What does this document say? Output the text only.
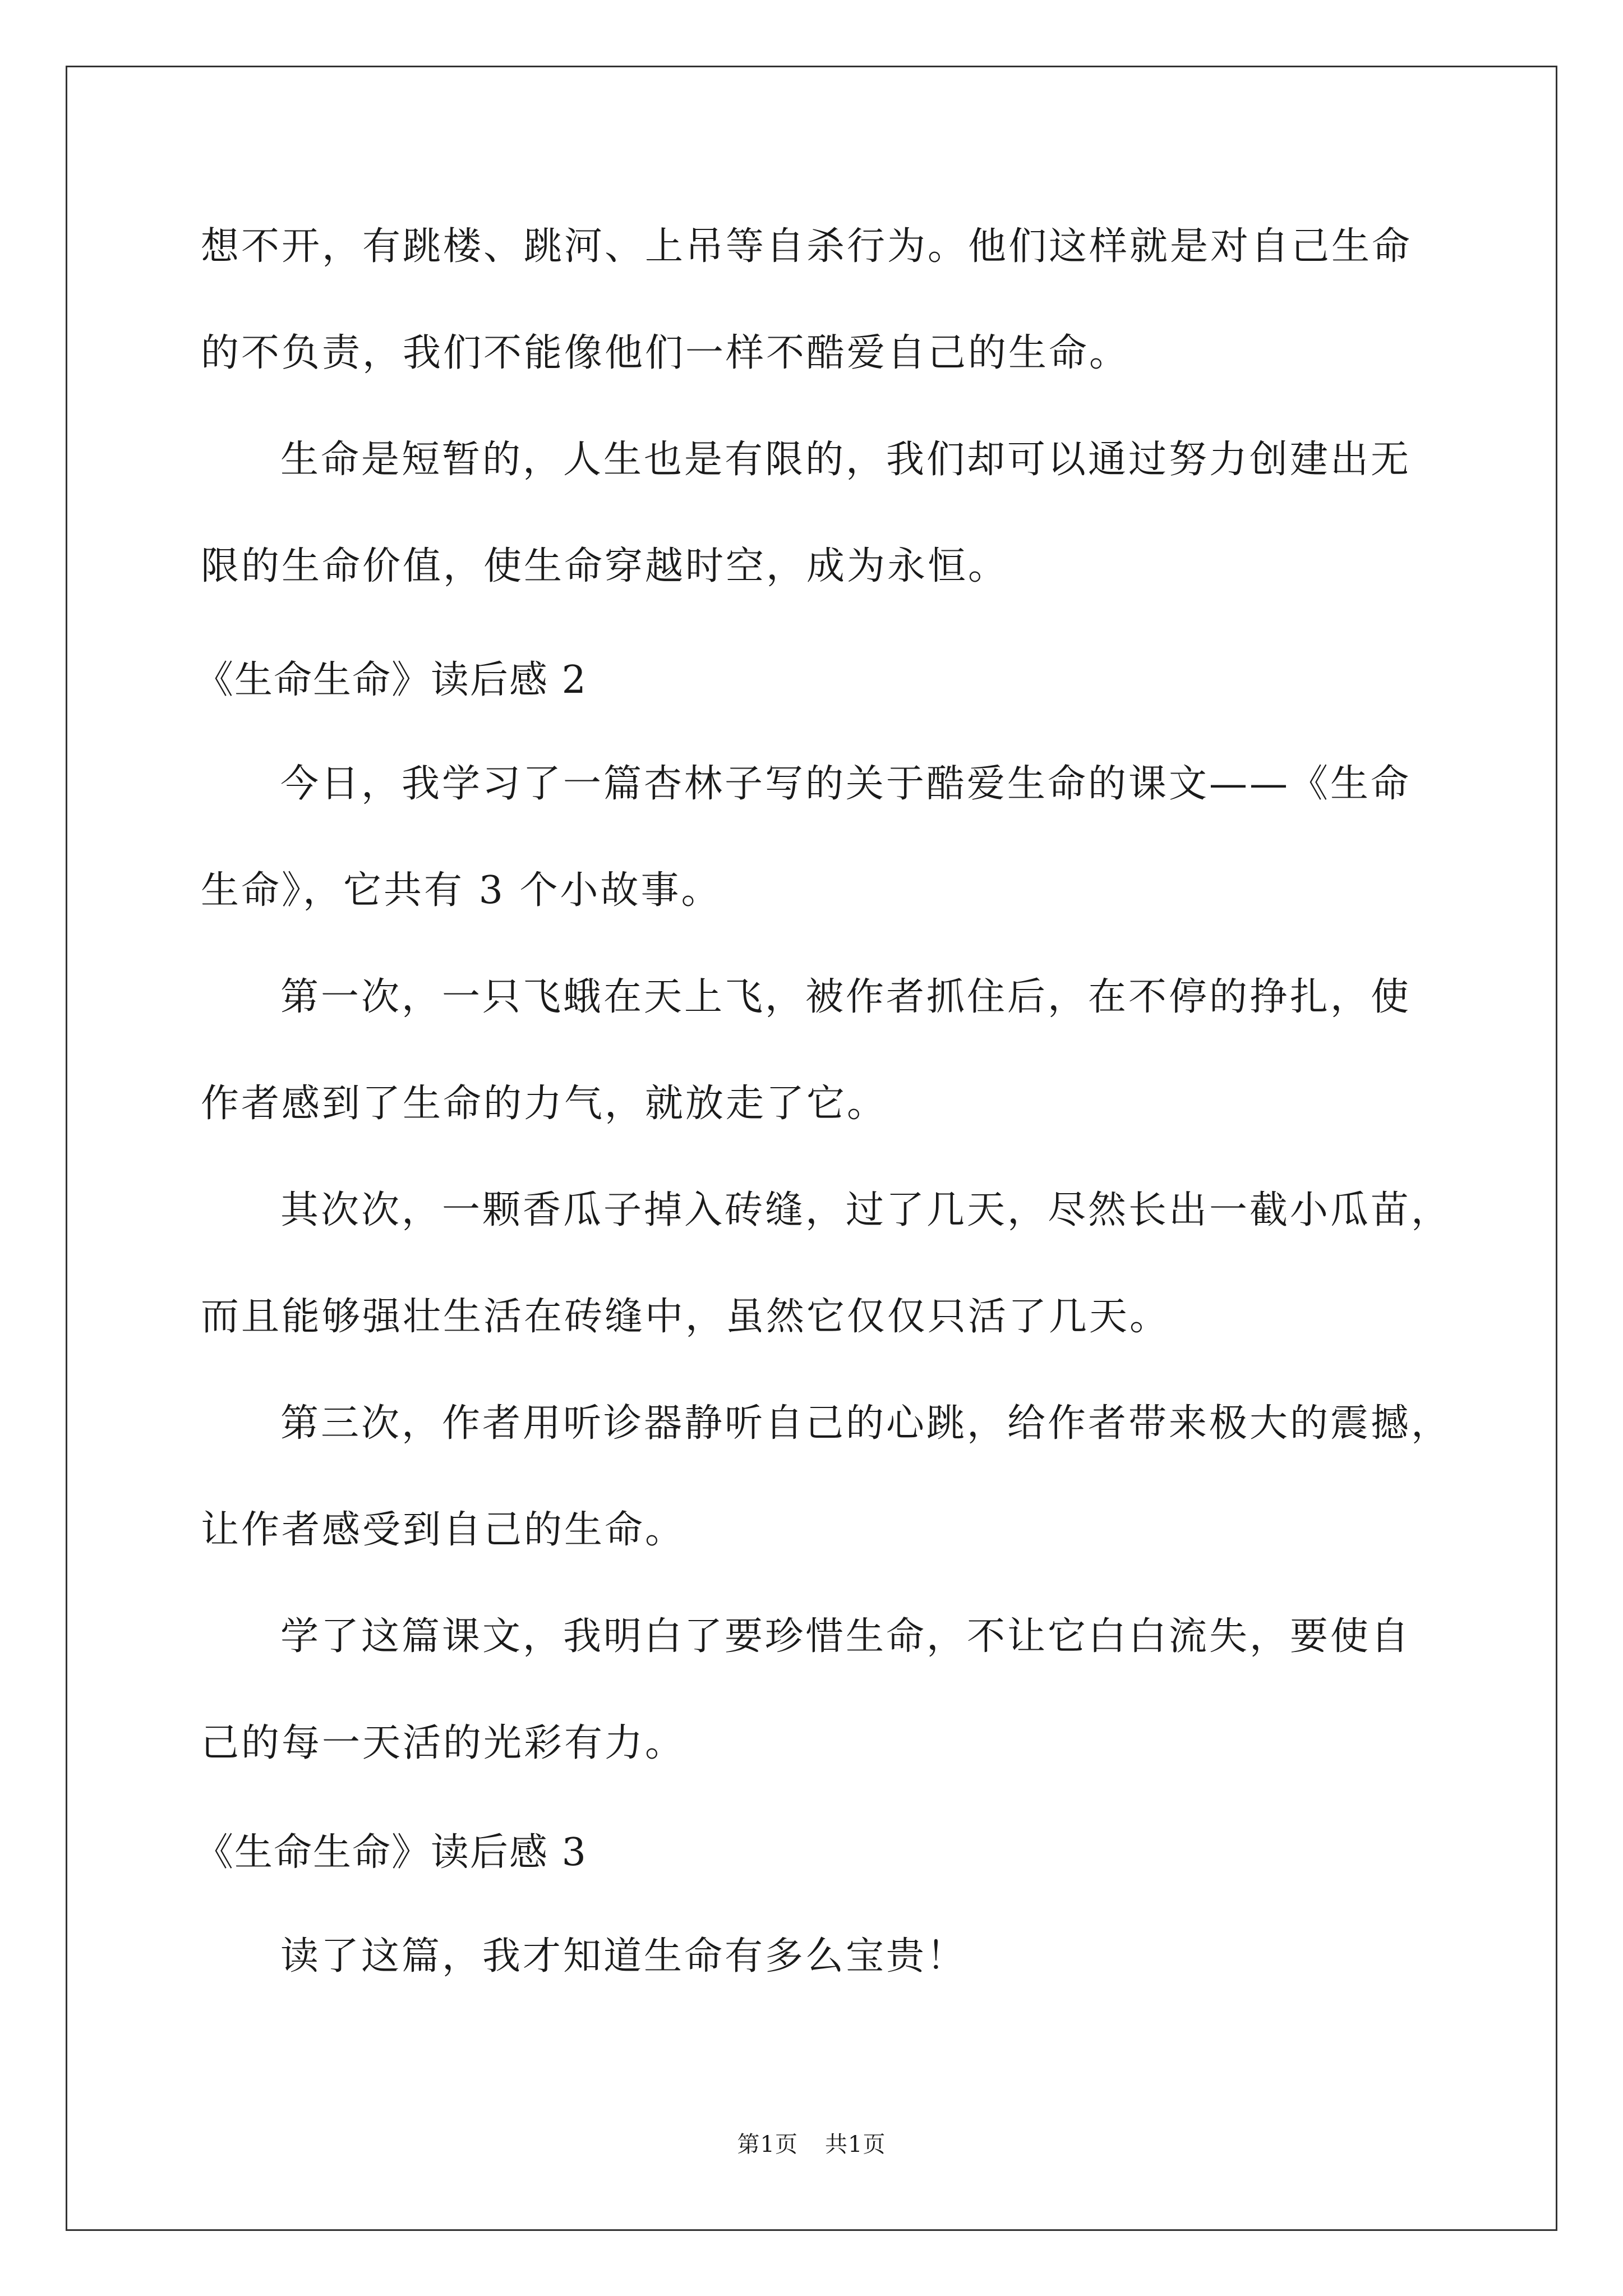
想不开，有跳楼、跳河、上吊等自杀行为。他们这样就是对自己生命
的不负责，我们不能像他们一样不酷爱自己的生命。
生命是短暂的，人生也是有限的，我们却可以通过努力创建出无
限的生命价值，使生命穿越时空，成为永恒。
《生命生命》读后感 2
今日，我学习了一篇杏林子写的关于酷爱生命的课文——《生命
生命》，它共有 3 个小故事。
第一次，一只飞蛾在天上飞，被作者抓住后，在不停的挣扎，使
作者感到了生命的力气，就放走了它。
其次次，一颗香瓜子掉入砖缝，过了几天，尽然长出一截小瓜苗，
而且能够强壮生活在砖缝中，虽然它仅仅只活了几天。
第三次，作者用听诊器静听自己的心跳，给作者带来极大的震撼，
让作者感受到自己的生命。
学了这篇课文，我明白了要珍惜生命，不让它白白流失，要使自
己的每一天活的光彩有力。
《生命生命》读后感 3
读了这篇，我才知道生命有多么宝贵！
第1页 共1页
